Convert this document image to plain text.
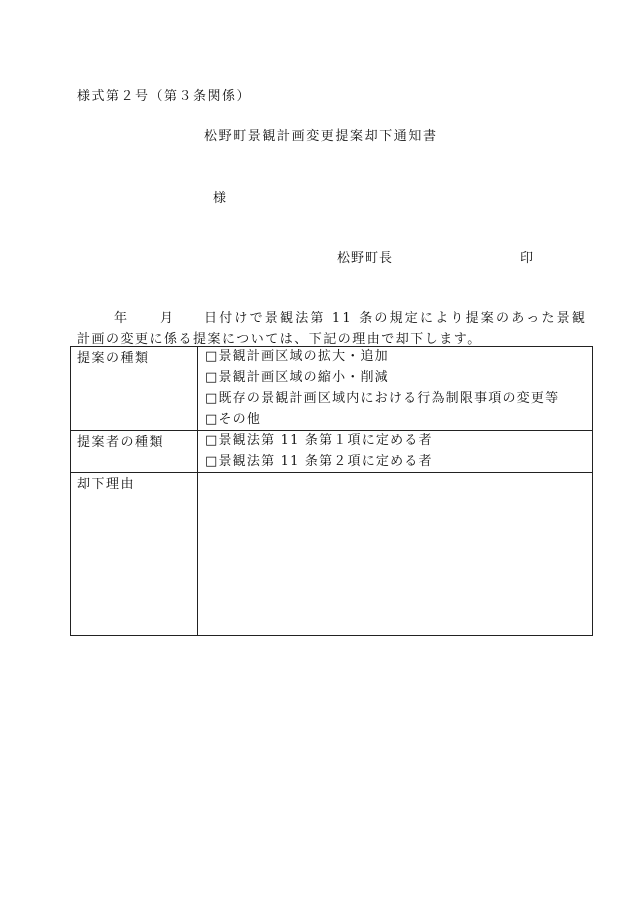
様式第２号（第３条関係）
松野町景観計画変更提案却下通知書
様
松野町長	印
年	月 日付けで景観法第 11 条の規定により提案のあった景観
計画の変更に係る提案については、下記の理由で却下します。
提案の種類	□景観計画区域の拡大・追加
□景観計画区域の縮小・削減
□既存の景観計画区域内における行為制限事項の変更等
□その他

提案者の種類	□景観法第 11 条第１項に定める者
□景観法第 11 条第２項に定める者

却下理由	
